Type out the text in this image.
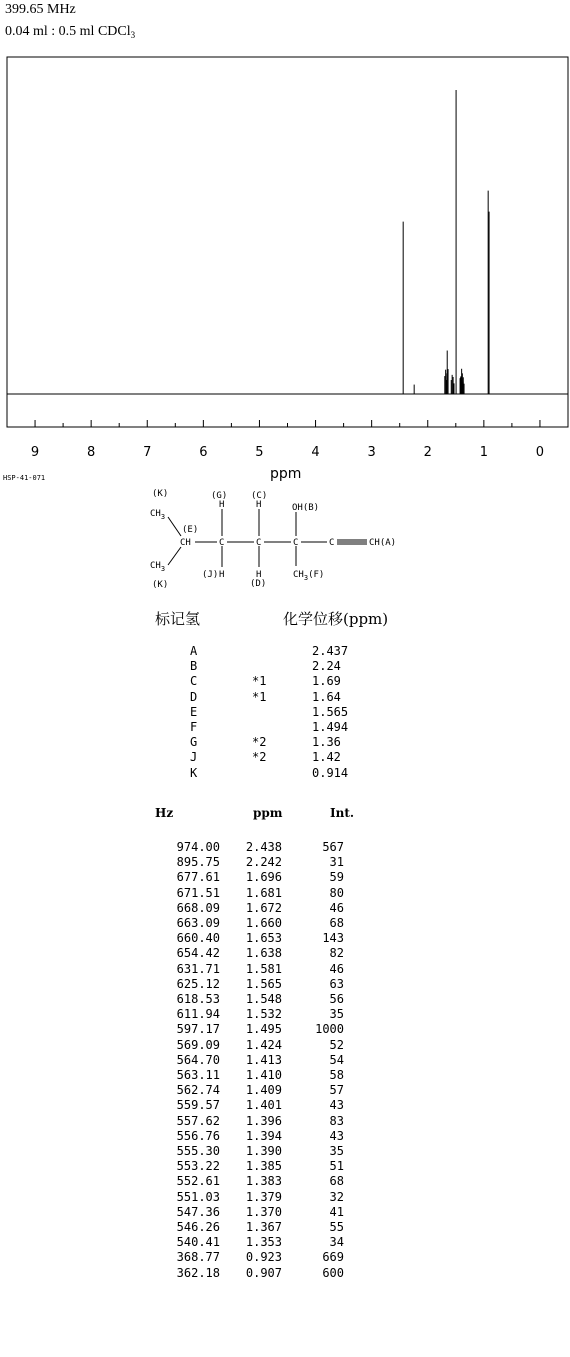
399.65 MHz
0.04 ml : 0.5 ml CDCl$_3$
9	8	7	6	5	4	3	2	1	0
ppm
HSP-41-071
(K)	(G)	(C)
H	H	OH(B)
$CH_3$
(E)
CH	C	C	C	C	CH(A)
$CH_3$
(J) H	H
(D)
$CH_3(F)$
(K)
标记氢	化学位移(ppm)
A	2.437
B	2.24
C	*1	1.69
D	*1	1.64
E	1.565
F	1.494
G	*2	1.36
J	*2	1.42
K	0.914
Hz	ppm	Int.
974.00	2.438	567
895.75	2.242	31
677.61	1.696	59
671.51	1.681	80
668.09	1.672	46
663.09	1.660	68
660.40	1.653	143
654.42	1.638	82
631.71	1.581	46
625.12	1.565	63
618.53	1.548	56
611.94	1.532	35
597.17	1.495	1000
569.09	1.424	52
564.70	1.413	54
563.11	1.410	58
562.74	1.409	57
559.57	1.401	43
557.62	1.396	83
556.76	1.394	43
555.30	1.390	35
553.22	1.385	51
552.61	1.383	68
551.03	1.379	32
547.36	1.370	41
546.26	1.367	55
540.41	1.353	34
368.77	0.923	669
362.18	0.907	600
